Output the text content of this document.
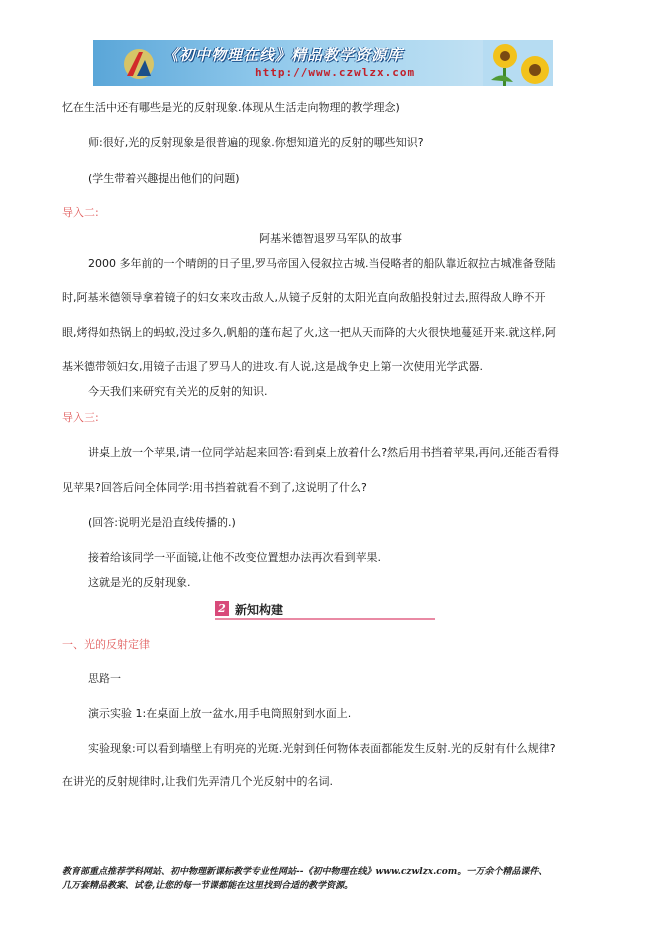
《初中物理在线》精品教学资源库
http://www.czwlzx.com
忆在生活中还有哪些是光的反射现象.体现从生活走向物理的教学理念)
师:很好,光的反射现象是很普遍的现象.你想知道光的反射的哪些知识?
(学生带着兴趣提出他们的问题)
导入二:
阿基米德智退罗马军队的故事
2000 多年前的一个晴朗的日子里,罗马帝国入侵叙拉古城.当侵略者的船队靠近叙拉古城准备登陆
时,阿基米德领导拿着镜子的妇女来攻击敌人,从镜子反射的太阳光直向敌船投射过去,照得敌人睁不开
眼,烤得如热锅上的蚂蚁,没过多久,帆船的蓬布起了火,这一把从天而降的大火很快地蔓延开来.就这样,阿
基米德带领妇女,用镜子击退了罗马人的进攻.有人说,这是战争史上第一次使用光学武器.
今天我们来研究有关光的反射的知识.
导入三:
讲桌上放一个苹果,请一位同学站起来回答:看到桌上放着什么?然后用书挡着苹果,再问,还能否看得
见苹果?回答后问全体同学:用书挡着就看不到了,这说明了什么?
(回答:说明光是沿直线传播的.)
接着给该同学一平面镜,让他不改变位置想办法再次看到苹果.
这就是光的反射现象.
2 新知构建
一、光的反射定律
思路一
演示实验 1:在桌面上放一盆水,用手电筒照射到水面上.
实验现象:可以看到墙壁上有明亮的光斑.光射到任何物体表面都能发生反射.光的反射有什么规律?
在讲光的反射规律时,让我们先弄清几个光反射中的名词.
教育部重点推荐学科网站、初中物理新课标教学专业性网站--《初中物理在线》www.czwlzx.com。一万余个精品课件、
几万套精品教案、试卷,让您的每一节课都能在这里找到合适的教学资源。
